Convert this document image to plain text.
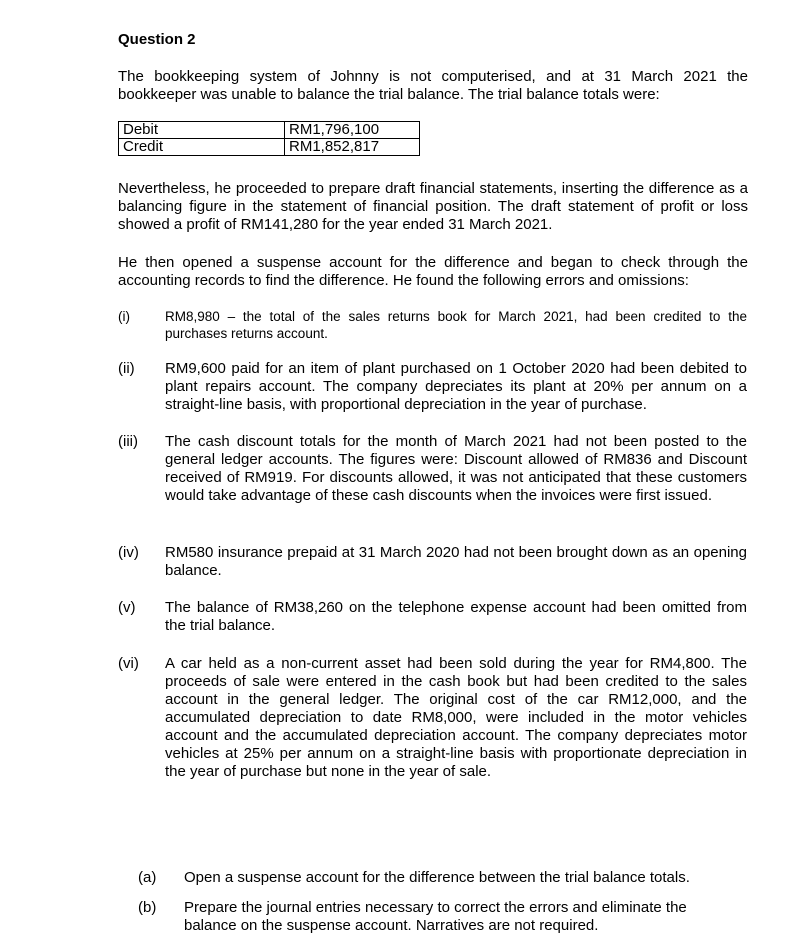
Question 2
The bookkeeping system of Johnny is not computerised, and at 31 March 2021 the bookkeeper was unable to balance the trial balance. The trial balance totals were:
Debit	RM1,796,100
Credit	RM1,852,817
Nevertheless, he proceeded to prepare draft financial statements, inserting the difference as a balancing figure in the statement of financial position. The draft statement of profit or loss showed a profit of RM141,280 for the year ended 31 March 2021.
He then opened a suspense account for the difference and began to check through the accounting records to find the difference. He found the following errors and omissions:
(i)	RM8,980 – the total of the sales returns book for March 2021, had been credited to the purchases returns account.
(ii)	RM9,600 paid for an item of plant purchased on 1 October 2020 had been debited to plant repairs account. The company depreciates its plant at 20% per annum on a straight-line basis, with proportional depreciation in the year of purchase.
(iii)	The cash discount totals for the month of March 2021 had not been posted to the general ledger accounts. The figures were: Discount allowed of RM836 and Discount received of RM919. For discounts allowed, it was not anticipated that these customers would take advantage of these cash discounts when the invoices were first issued.
(iv)	RM580 insurance prepaid at 31 March 2020 had not been brought down as an opening balance.
(v)	The balance of RM38,260 on the telephone expense account had been omitted from the trial balance.
(vi)	A car held as a non-current asset had been sold during the year for RM4,800. The proceeds of sale were entered in the cash book but had been credited to the sales account in the general ledger. The original cost of the car RM12,000, and the accumulated depreciation to date RM8,000, were included in the motor vehicles account and the accumulated depreciation account. The company depreciates motor vehicles at 25% per annum on a straight-line basis with proportionate depreciation in the year of purchase but none in the year of sale.
(a)	Open a suspense account for the difference between the trial balance totals.
(b)	Prepare the journal entries necessary to correct the errors and eliminate the balance on the suspense account. Narratives are not required.
